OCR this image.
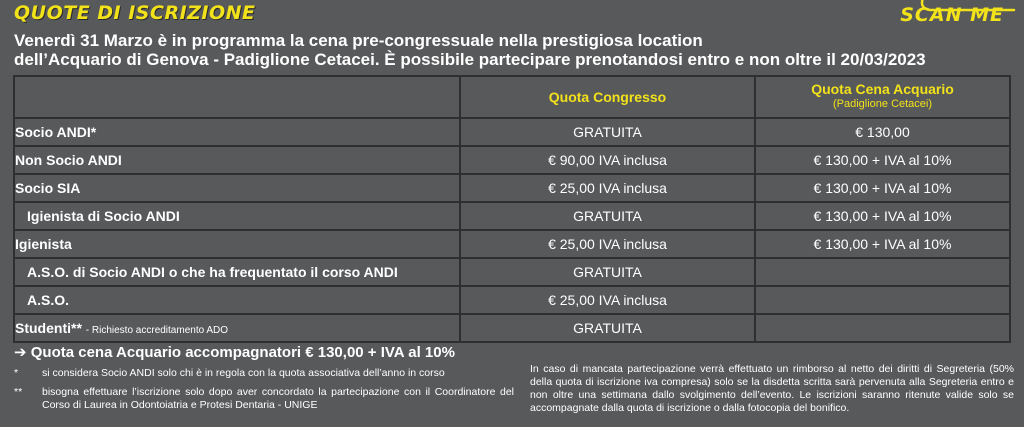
QUOTE DI ISCRIZIONE	SCAN ME
Venerdì 31 Marzo è in programma la cena pre-congressuale nella prestigiosa location
dell’Acquario di Genova - Padiglione Cetacei. È possibile partecipare prenotandosi entro e non oltre il 20/03/2023
	Quota Congresso	Quota Cena Acquario
(Padiglione Cetacei)

Socio ANDI*	GRATUITA	€ 130,00
Non Socio ANDI	€ 90,00 IVA inclusa	€ 130,00 + IVA al 10%
Socio SIA	€ 25,00 IVA inclusa	€ 130,00 + IVA al 10%
Igienista di Socio ANDI	GRATUITA	€ 130,00 + IVA al 10%
Igienista	€ 25,00 IVA inclusa	€ 130,00 + IVA al 10%
A.S.O. di Socio ANDI o che ha frequentato il corso ANDI	GRATUITA	
A.S.O.	€ 25,00 IVA inclusa	
Studenti** - Richiesto accreditamento ADO	GRATUITA	
➔ Quota cena Acquario accompagnatori € 130,00 + IVA al 10%
*	si considera Socio ANDI solo chi è in regola con la quota associativa dell’anno in corso
**	bisogna effettuare l’iscrizione solo dopo aver concordato la partecipazione con il Coordinatore del Corso di Laurea in Odontoiatria e Protesi Dentaria - UNIGE
In caso di mancata partecipazione verrà effettuato un rimborso al netto dei diritti di Segreteria (50% della quota di iscrizione iva compresa) solo se la disdetta scritta sarà pervenuta alla Segreteria entro e non oltre una settimana dallo svolgimento dell’evento. Le iscrizioni saranno ritenute valide solo se accompagnate dalla quota di iscrizione o dalla fotocopia del bonifico.
